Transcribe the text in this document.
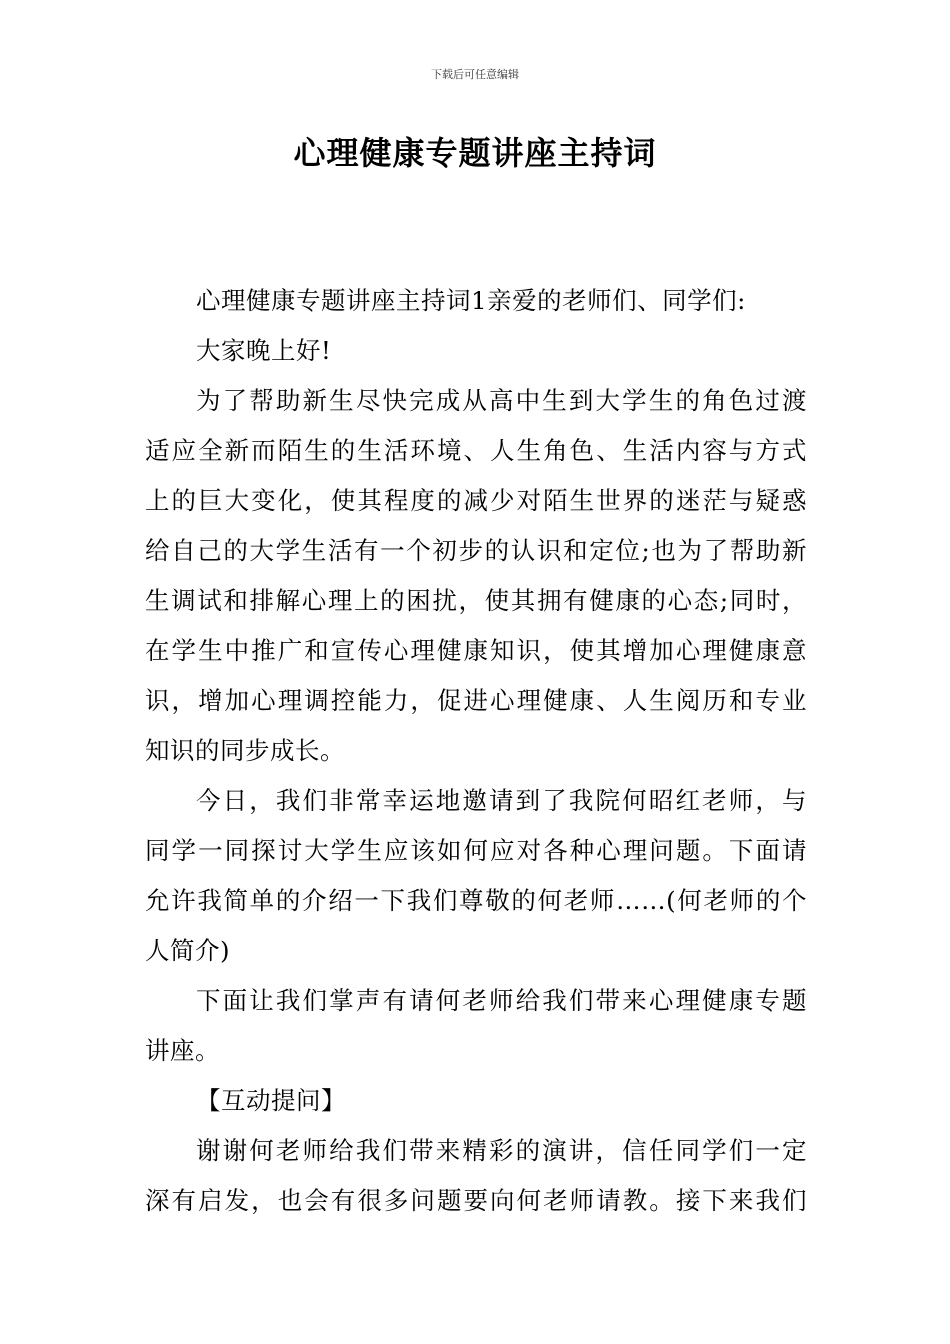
下载后可任意编辑
心理健康专题讲座主持词
心理健康专题讲座主持词1亲爱的老师们、同学们:
大家晚上好!
为了帮助新生尽快完成从高中生到大学生的角色过渡
适应全新而陌生的生活环境、人生角色、生活内容与方式
上的巨大变化，使其程度的减少对陌生世界的迷茫与疑惑
给自己的大学生活有一个初步的认识和定位;也为了帮助新
生调试和排解心理上的困扰，使其拥有健康的心态;同时，
在学生中推广和宣传心理健康知识，使其增加心理健康意
识，增加心理调控能力，促进心理健康、人生阅历和专业
知识的同步成长。
今日，我们非常幸运地邀请到了我院何昭红老师，与
同学一同探讨大学生应该如何应对各种心理问题。下面请
允许我简单的介绍一下我们尊敬的何老师……(何老师的个
人简介)
下面让我们掌声有请何老师给我们带来心理健康专题
讲座。
【互动提问】
谢谢何老师给我们带来精彩的演讲，信任同学们一定
深有启发，也会有很多问题要向何老师请教。接下来我们
